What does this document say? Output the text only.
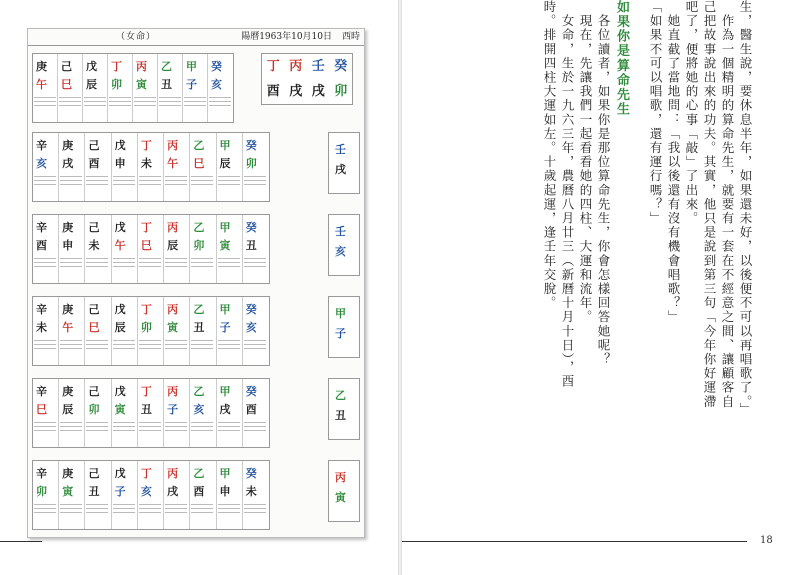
（女命）	陽曆1963年10月10日 西時
庚
午
己
巳
戊
辰
丁
卯
丙
寅
乙
丑
甲
子
癸
亥
丁 丙 壬 癸
酉 戌 戌 卯
辛
亥
庚
戌
己
酉
戊
申
丁
未
丙
午
乙
巳
甲
辰
癸
卯
辛
酉
庚
申
己
未
戊
午
丁
巳
丙
辰
乙
卯
甲
寅
癸
丑
辛
未
庚
午
己
巳
戊
辰
丁
卯
丙
寅
乙
丑
甲
子
癸
亥
辛
巳
庚
辰
己
卯
戊
寅
丁
丑
丙
子
乙
亥
甲
戌
癸
酉
辛
卯
庚
寅
己
丑
戊
子
丁
亥
丙
戌
乙
酉
甲
申
癸
未
壬
戌
壬
亥
甲
子
乙
丑
丙
寅
生，醫生說，要休息半年，如果還未好，以後便不可以再唱歌了。」
　作為一個精明的算命先生，就要有一套在不經意之間、讓顧客自
己把故事說出來的功夫。其實，他只是說到第三句「今年你好運滯
吧了，便將她的心事「敲」了出來。
　她直截了當地問：「我以後還有沒有機會唱歌？」
「如果不可以唱歌，還有運行嗎？」
如果你是算命先生
　各位讀者，如果你是那位算命先生，你會怎樣回答她呢？
　現在，先讓我們一起看看她的四柱、大運和流年。
　女命，生於一九六三年，農曆八月廿三（新曆十月十日），酉
時。排開四柱大運如左。十歲起運，逢壬年交脫。
18
